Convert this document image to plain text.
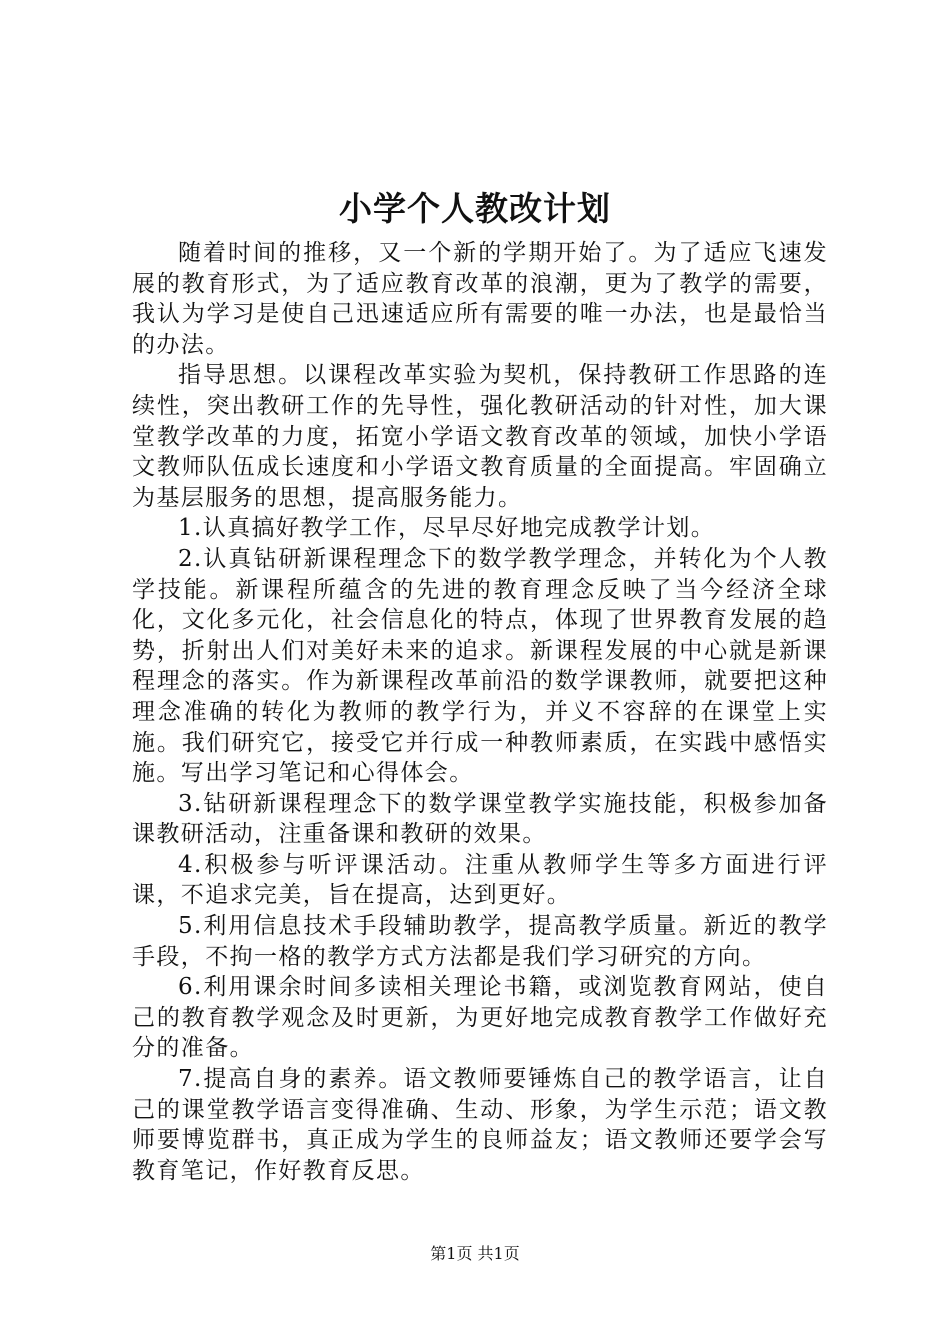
小学个人教改计划

随着时间的推移，又一个新的学期开始了。为了适应飞速发展的教育形式，为了适应教育改革的浪潮，更为了教学的需要，我认为学习是使自己迅速适应所有需要的唯一办法，也是最恰当的办法。

指导思想。以课程改革实验为契机，保持教研工作思路的连续性，突出教研工作的先导性，强化教研活动的针对性，加大课堂教学改革的力度，拓宽小学语文教育改革的领域，加快小学语文教师队伍成长速度和小学语文教育质量的全面提高。牢固确立为基层服务的思想，提高服务能力。

1.认真搞好教学工作，尽早尽好地完成教学计划。

2.认真钻研新课程理念下的数学教学理念，并转化为个人教学技能。新课程所蕴含的先进的教育理念反映了当今经济全球化，文化多元化，社会信息化的特点，体现了世界教育发展的趋势，折射出人们对美好未来的追求。新课程发展的中心就是新课程理念的落实。作为新课程改革前沿的数学课教师，就要把这种理念准确的转化为教师的教学行为，并义不容辞的在课堂上实施。我们研究它，接受它并行成一种教师素质，在实践中感悟实施。写出学习笔记和心得体会。

3.钻研新课程理念下的数学课堂教学实施技能，积极参加备课教研活动，注重备课和教研的效果。

4.积极参与听评课活动。注重从教师学生等多方面进行评课，不追求完美，旨在提高，达到更好。

5.利用信息技术手段辅助教学，提高教学质量。新近的教学手段，不拘一格的教学方式方法都是我们学习研究的方向。

6.利用课余时间多读相关理论书籍，或浏览教育网站，使自己的教育教学观念及时更新，为更好地完成教育教学工作做好充分的准备。

7.提高自身的素养。语文教师要锤炼自己的教学语言，让自己的课堂教学语言变得准确、生动、形象，为学生示范；语文教师要博览群书，真正成为学生的良师益友；语文教师还要学会写教育笔记，作好教育反思。

第1页 共1页
